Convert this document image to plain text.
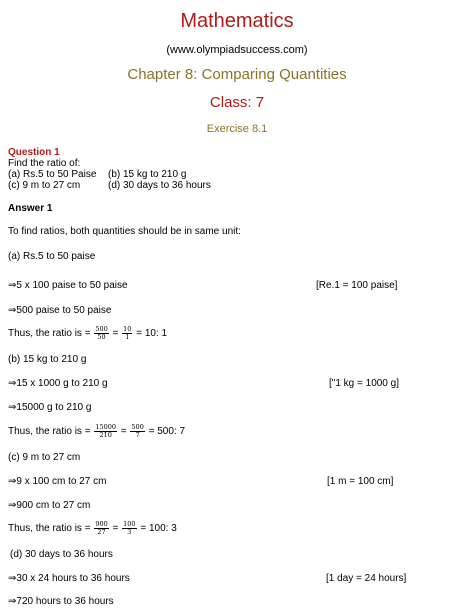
Mathematics
(www.olympiadsuccess.com)
Chapter 8: Comparing Quantities
Class: 7
Exercise 8.1
Question 1
Find the ratio of:
(a) Rs.5 to 50 Paise (b) 15 kg to 210 g
(c) 9 m to 27 cm	(d) 30 days to 36 hours
Answer 1
To find ratios, both quantities should be in same unit:
(a) Rs.5 to 50 paise
⇒5 x 100 paise to 50 paise	[Re.1 = 100 paise]
⇒500 paise to 50 paise
Thus, the ratio is = $\frac{500}{50} = \frac{10}{1} = 10$: 1
(b) 15 kg to 210 g
⇒15 x 1000 g to 210 g	["1 kg = 1000 g]
⇒15000 g to 210 g
Thus, the ratio is = $\frac{15000}{210} = \frac{500}{7} = 500$: 7
(c) 9 m to 27 cm
⇒9 x 100 cm to 27 cm	[1 m = 100 cm]
⇒900 cm to 27 cm
Thus, the ratio is = $\frac{900}{27} = \frac{100}{3} = 100$: 3
(d) 30 days to 36 hours
⇒30 x 24 hours to 36 hours	[1 day = 24 hours]
⇒720 hours to 36 hours
